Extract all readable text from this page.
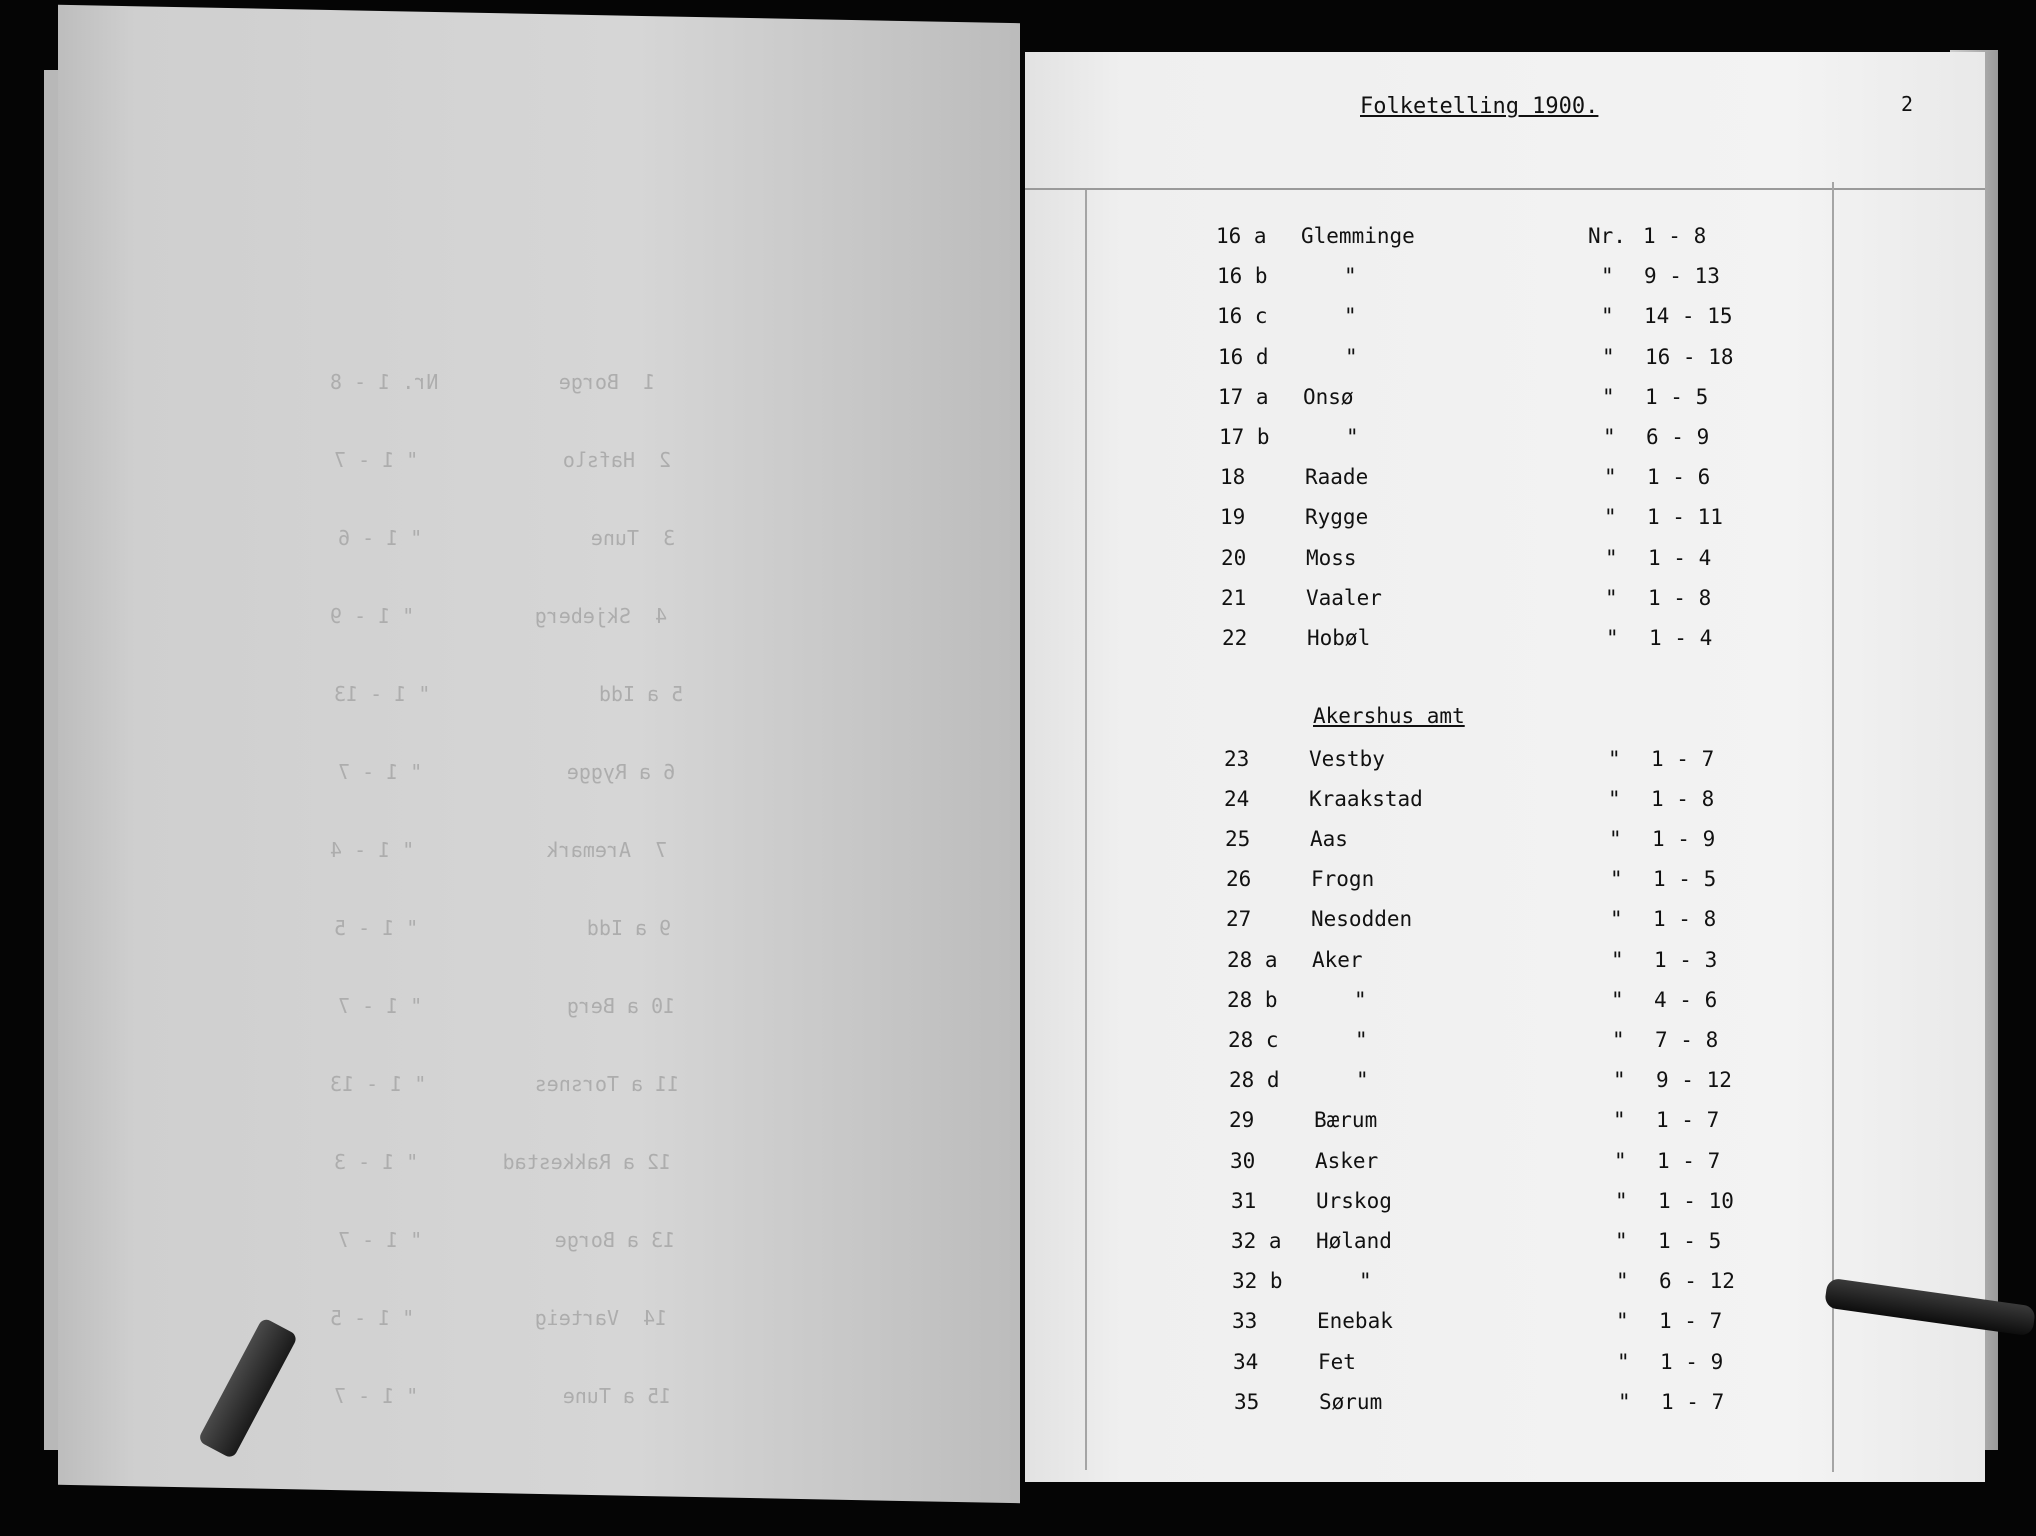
1  Borge          Nr. 1 - 8
2  Hafslo            " 1 - 7
3  Tune              " 1 - 6
4  Skjeberg          " 1 - 9
5 a Idd              " 1 - 13
6 a Rygge            " 1 - 7
7  Aremark           " 1 - 4
9 a Idd              " 1 - 5
10 a Berg            " 1 - 7
11 a Torsnes         " 1 - 13
12 a Rakkestad       " 1 - 3
13 a Borge           " 1 - 7
14  Varteig          " 1 - 5
15 a Tune            " 1 - 7
Folketelling 1900.	2
16 a Glemminge	Nr. 1 - 8
16 b	"	" 9 - 13
16 c	"	" 14 - 15
16 d	"	" 16 - 18
17 a Onsø	" 1 - 5
17 b	"	" 6 - 9
18	Raade	" 1 - 6
19	Rygge	" 1 - 11
20	Moss	" 1 - 4
21	Vaaler	" 1 - 8
22	Hobøl	" 1 - 4
Akershus amt
23	Vestby	" 1 - 7
24	Kraakstad	" 1 - 8
25	Aas	" 1 - 9
26	Frogn	" 1 - 5
27	Nesodden	" 1 - 8
28 a Aker	" 1 - 3
28 b	"	" 4 - 6
28 c	"	" 7 - 8
28 d	"	" 9 - 12
29	Bærum	" 1 - 7
30	Asker	" 1 - 7
31	Urskog	" 1 - 10
32 a Høland	" 1 - 5
32 b	"	" 6 - 12
33	Enebak	" 1 - 7
34	Fet	" 1 - 9
35	Sørum	" 1 - 7
